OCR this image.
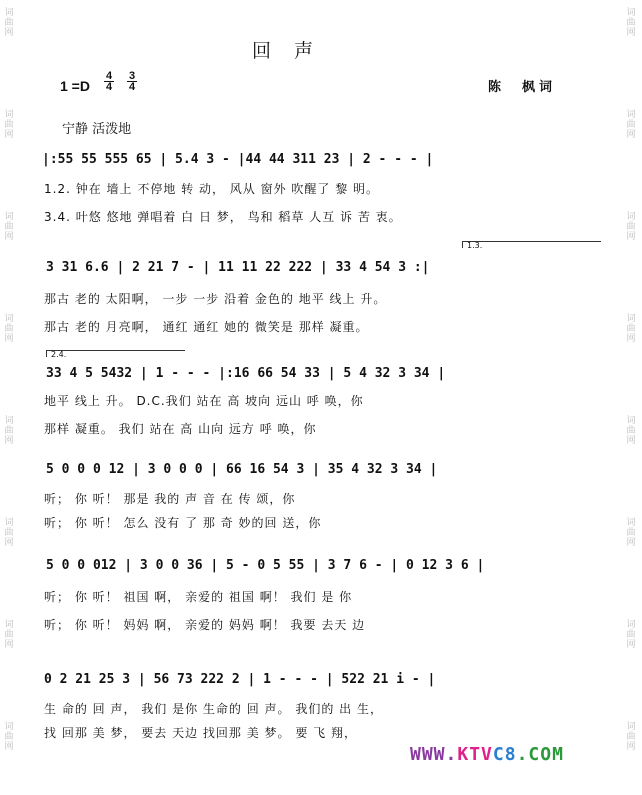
词曲网
词曲网
词曲网
词曲网
词曲网
词曲网
词曲网
词曲网
词曲网
词曲网
词曲网
词曲网
词曲网
词曲网
词曲网
词曲网
回　声
1 =D
4
4
3
4	陈　枫词
宁静 活泼地
|:55 55 555 65 | 5.4 3 - |44 44 311 23 | 2 - - - |
1.2. 钟在 墙上 不停地 转 动， 风从 窗外 吹醒了 黎 明。
3.4. 叶悠 悠地 弹唱着 白 日 梦， 鸟和 稻草 人互 诉 苦 衷。
1.3.
3 31 6.6 | 2 21 7 - | 11 11 22 222 | 33 4 54 3 :|
那古 老的 太阳啊， 一步 一步 沿着 金色的 地平 线上 升。
那古 老的 月亮啊， 通红 通红 她的 微笑是 那样 凝重。
2.4.
33 4 5 5432 | 1 - - - |:16 66 54 33 | 5 4 32 3 34 |
地平 线上 升。 D.C.我们 站在 高 坡向 远山 呼 唤，你
那样 凝重。 我们 站在 高 山向 远方 呼 唤，你
5 0 0 0 12 | 3 0 0 0 | 66 16 54 3 | 35 4 32 3 34 |
听； 你 听！ 那是 我的 声 音 在 传 颂，你
听； 你 听！ 怎么 没有 了 那 奇 妙的回 送，你
5 0 0 012 | 3 0 0 36 | 5 - 0 5 55 | 3 7 6 - | 0 12 3 6 |
听； 你 听！ 祖国 啊， 亲爱的 祖国 啊！ 我们 是 你
听； 你 听！ 妈妈 啊， 亲爱的 妈妈 啊！ 我要 去天 边
0 2 21 25 3 | 56 73 222 2 | 1 - - - | 522 21 i - |
生 命的 回 声， 我们 是你 生命的 回 声。 我们的 出 生，
找 回那 美 梦， 要去 天边 找回那 美 梦。 要 飞 翔，
WWW.KTVC8.COM
